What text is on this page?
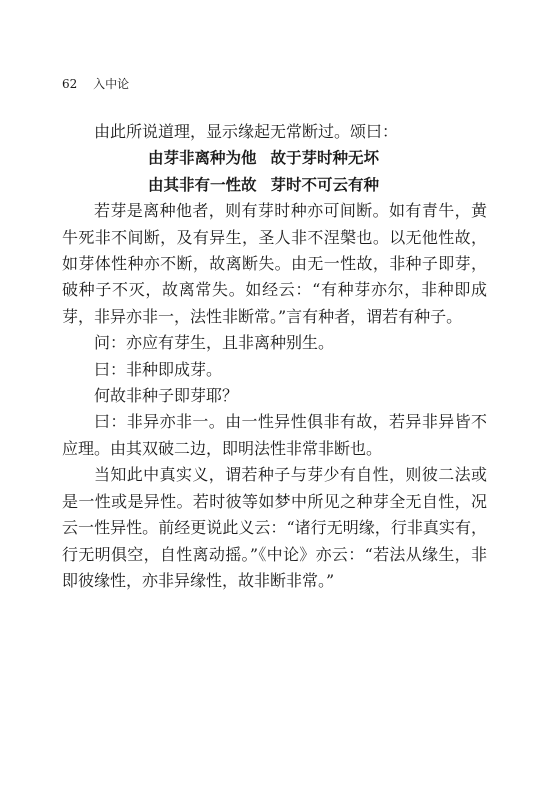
62 入中论

由此所说道理，显示缘起无常断过。颂曰：

由芽非离种为他 故于芽时种无坏
由其非有一性故 芽时不可云有种

若芽是离种他者，则有芽时种亦可间断。如有青牛，黄牛死非不间断，及有异生，圣人非不涅槃也。以无他性故，如芽体性种亦不断，故离断失。由无一性故，非种子即芽，破种子不灭，故离常失。如经云：“有种芽亦尔，非种即成芽，非异亦非一，法性非断常。”言有种者，谓若有种子。

问：亦应有芽生，且非离种别生。

曰：非种即成芽。

何故非种子即芽耶？

曰：非异亦非一。由一性异性俱非有故，若异非异皆不应理。由其双破二边，即明法性非常非断也。

当知此中真实义，谓若种子与芽少有自性，则彼二法或是一性或是异性。若时彼等如梦中所见之种芽全无自性，况云一性异性。前经更说此义云：“诸行无明缘，行非真实有，行无明俱空，自性离动摇。”《中论》亦云：“若法从缘生，非即彼缘性，亦非异缘性，故非断非常。”
